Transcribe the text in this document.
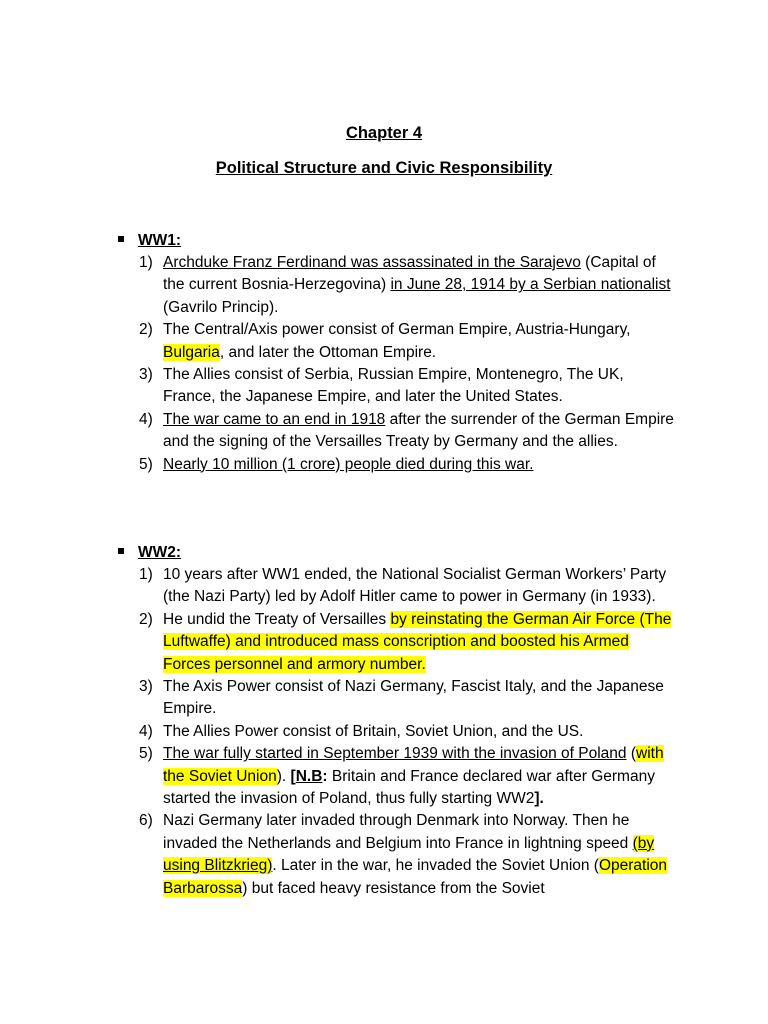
Chapter 4
Political Structure and Civic Responsibility
WW1:
1) Archduke Franz Ferdinand was assassinated in the Sarajevo (Capital of the current Bosnia-Herzegovina) in June 28, 1914 by a Serbian nationalist (Gavrilo Princip).
2) The Central/Axis power consist of German Empire, Austria-Hungary, Bulgaria, and later the Ottoman Empire.
3) The Allies consist of Serbia, Russian Empire, Montenegro, The UK, France, the Japanese Empire, and later the United States.
4) The war came to an end in 1918 after the surrender of the German Empire and the signing of the Versailles Treaty by Germany and the allies.
5) Nearly 10 million (1 crore) people died during this war.
WW2:
1) 10 years after WW1 ended, the National Socialist German Workers’ Party (the Nazi Party) led by Adolf Hitler came to power in Germany (in 1933).
2) He undid the Treaty of Versailles by reinstating the German Air Force (The Luftwaffe) and introduced mass conscription and boosted his Armed Forces personnel and armory number.
3) The Axis Power consist of Nazi Germany, Fascist Italy, and the Japanese Empire.
4) The Allies Power consist of Britain, Soviet Union, and the US.
5) The war fully started in September 1939 with the invasion of Poland (with the Soviet Union). [N.B: Britain and France declared war after Germany started the invasion of Poland, thus fully starting WW2].
6) Nazi Germany later invaded through Denmark into Norway. Then he invaded the Netherlands and Belgium into France in lightning speed (by using Blitzkrieg). Later in the war, he invaded the Soviet Union (Operation Barbarossa) but faced heavy resistance from the Soviet
